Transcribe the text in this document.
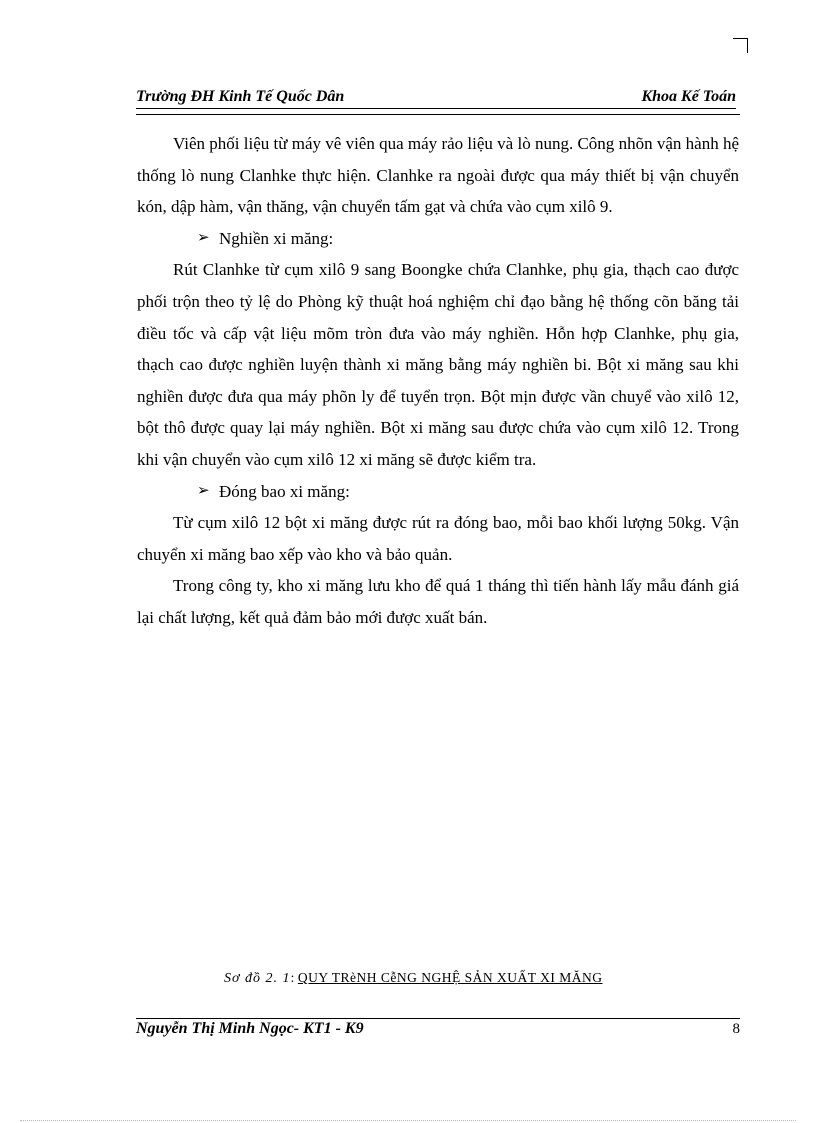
Trường ĐH Kinh Tế Quốc Dân	Khoa Kế Toán

Viên phối liệu từ máy vê viên qua máy rảo liệu và lò nung. Công nhõn vận hành hệ thống lò nung Clanhke thực hiện. Clanhke ra ngoài được qua máy thiết bị vận chuyển kón, dập hàm, vận thăng, vận chuyển tấm gạt và chứa vào cụm xilô 9.

➢ Nghiền xi măng:

Rút Clanhke từ cụm xilô 9 sang Boongke chứa Clanhke, phụ gia, thạch cao được phối trộn theo tỷ lệ do Phòng kỹ thuật hoá nghiệm chỉ đạo bằng hệ thống cõn băng tải điều tốc và cấp vật liệu mõm tròn đưa vào máy nghiền. Hỗn hợp Clanhke, phụ gia, thạch cao được nghiền luyện thành xi măng bằng máy nghiền bi. Bột xi măng sau khi nghiền được đưa qua máy phõn ly để tuyển trọn. Bột mịn được vần chuyể vào xilô 12, bột thô được quay lại máy nghiền. Bột xi măng sau được chứa vào cụm xilô 12. Trong khi vận chuyển vào cụm xilô 12 xi măng sẽ được kiểm tra.

➢ Đóng bao xi măng:

Từ cụm xilô 12 bột xi măng được rút ra đóng bao, mỗi bao khối lượng 50kg. Vận chuyển xi măng bao xếp vào kho và bảo quản.

Trong công ty, kho xi măng lưu kho để quá 1 tháng thì tiến hành lấy mẫu đánh giá lại chất lượng, kết quả đảm bảo mới được xuất bán.

Sơ đồ 2. 1 : QUY TRèNH CễNG NGHỆ SẢN XUẤT XI MĂNG
Nguyễn Thị Minh Ngọc- KT1 - K9	8
